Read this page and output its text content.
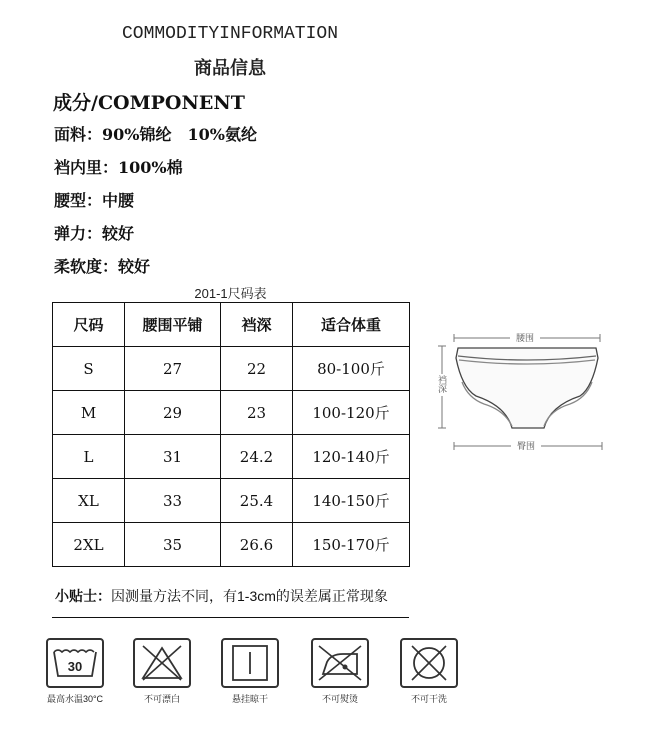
COMMODITYINFORMATION
商品信息
成分/COMPONENT
面料：90%锦纶　10%氨纶
裆内里：100%棉
腰型：中腰
弹力：较好
柔软度：较好
201-1尺码表
尺码	腰围平铺	裆深	适合体重
S	27	22	80-100斤
M	29	23	100-120斤
L	31	24.2	120-140斤
XL	33	25.4	140-150斤
2XL	35	26.6	150-170斤
腰围
裆深
臀围
小贴士：因测量方法不同，有1-3cm的误差属正常现象
30
最高水温30°C	不可漂白	悬挂晾干	不可熨烫	不可干洗
